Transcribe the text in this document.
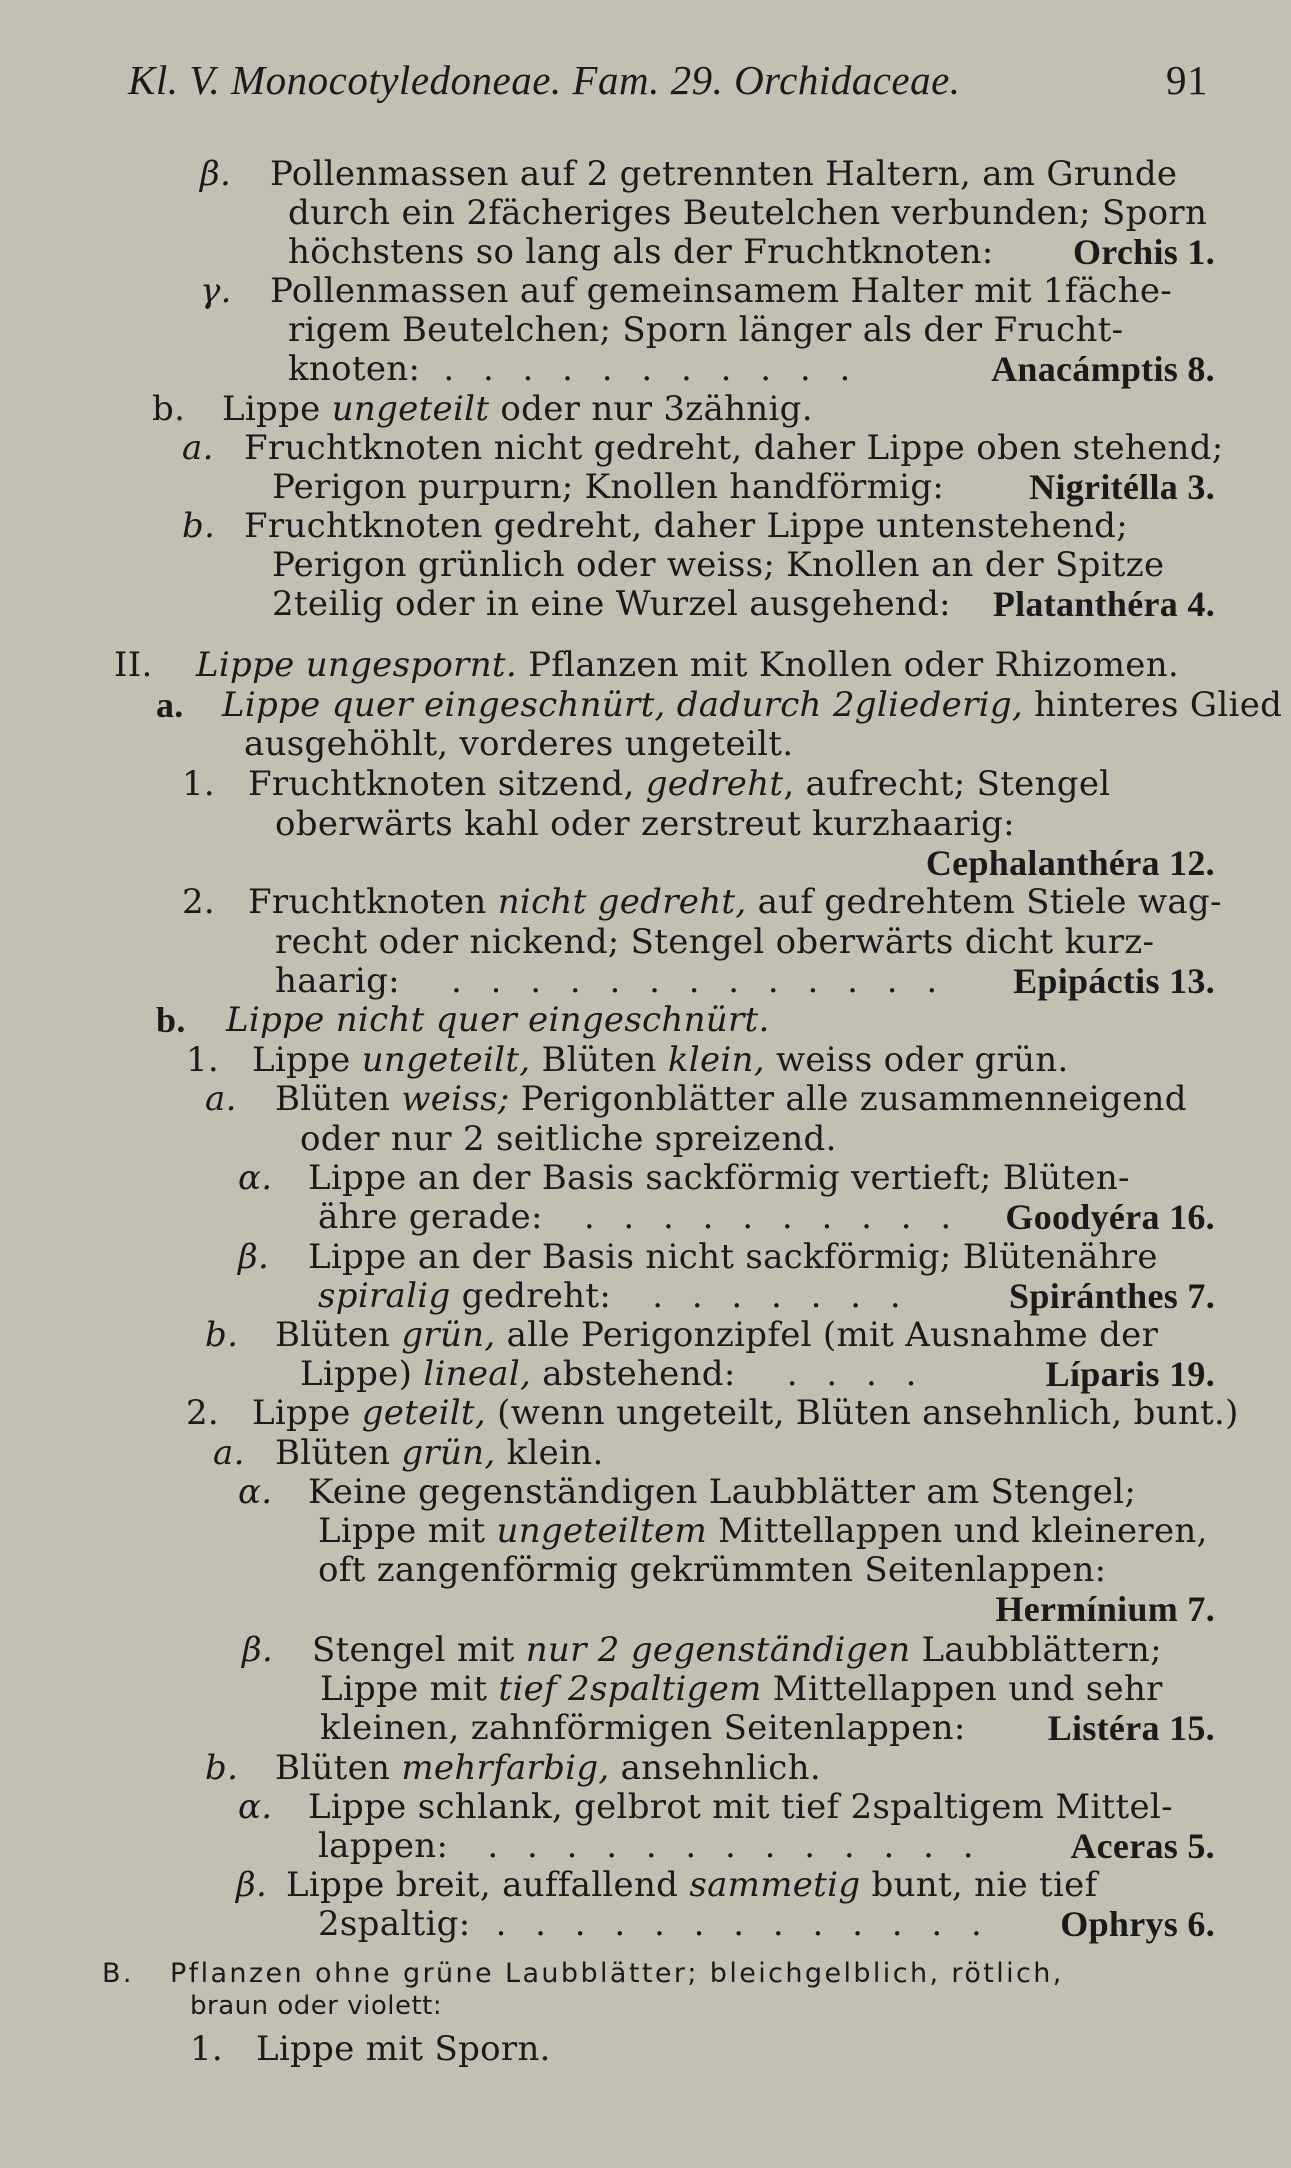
Kl. V. Monocotyledoneae. Fam. 29. Orchidaceae.	91
β. Pollenmassen auf 2 getrennten Haltern, am Grunde
durch ein 2fächeriges Beutelchen verbunden; Sporn
höchstens so lang als der Fruchtknoten: Orchis 1.
γ. Pollenmassen auf gemeinsamem Halter mit 1fäche-
rigem Beutelchen; Sporn länger als der Frucht-
knoten: . . . . . . . . . . .	Anacámptis 8.
b. Lippe ungeteilt oder nur 3zähnig.
a. Fruchtknoten nicht gedreht, daher Lippe oben stehend;
Perigon purpurn; Knollen handförmig: Nigritélla 3.
b. Fruchtknoten gedreht, daher Lippe untenstehend;
Perigon grünlich oder weiss; Knollen an der Spitze
2teilig oder in eine Wurzel ausgehend: Platanthéra 4.
II. Lippe ungespornt. Pflanzen mit Knollen oder Rhizomen.
a. Lippe quer eingeschnürt, dadurch 2gliederig, hinteres Glied
ausgehöhlt, vorderes ungeteilt.
1. Fruchtknoten sitzend, gedreht, aufrecht; Stengel
oberwärts kahl oder zerstreut kurzhaarig:
Cephalanthéra 12.
2. Fruchtknoten nicht gedreht, auf gedrehtem Stiele wag-
recht oder nickend; Stengel oberwärts dicht kurz-
haarig: . . . . . . . . . . . . . Epipáctis 13.
b. Lippe nicht quer eingeschnürt.
1. Lippe ungeteilt, Blüten klein, weiss oder grün.
a. Blüten weiss; Perigonblätter alle zusammenneigend
oder nur 2 seitliche spreizend.
α. Lippe an der Basis sackförmig vertieft; Blüten-
ähre gerade: . . . . . . . . . . Goodyéra 16.
β. Lippe an der Basis nicht sackförmig; Blütenähre
spiralig gedreht: . . . . . . .	Spiránthes 7.
b. Blüten grün, alle Perigonzipfel (mit Ausnahme der
Lippe) lineal, abstehend: . . . .	Líparis 19.
2. Lippe geteilt, (wenn ungeteilt, Blüten ansehnlich, bunt.)
a. Blüten grün, klein.
α. Keine gegenständigen Laubblätter am Stengel;
Lippe mit ungeteiltem Mittellappen und kleineren,
oft zangenförmig gekrümmten Seitenlappen:
Hermínium 7.
β. Stengel mit nur 2 gegenständigen Laubblättern;
Lippe mit tief 2spaltigem Mittellappen und sehr
kleinen, zahnförmigen Seitenlappen: Listéra 15.
b. Blüten mehrfarbig, ansehnlich.
α. Lippe schlank, gelbrot mit tief 2spaltigem Mittel-
lappen: . . . . . . . . . . . . . Aceras 5.
β. Lippe breit, auffallend sammetig bunt, nie tief
2spaltig: . . . . . . . . . . . . . Ophrys 6.
B. Pflanzen ohne grüne Laubblätter; bleichgelblich, rötlich,
braun oder violett:
1. Lippe mit Sporn.
